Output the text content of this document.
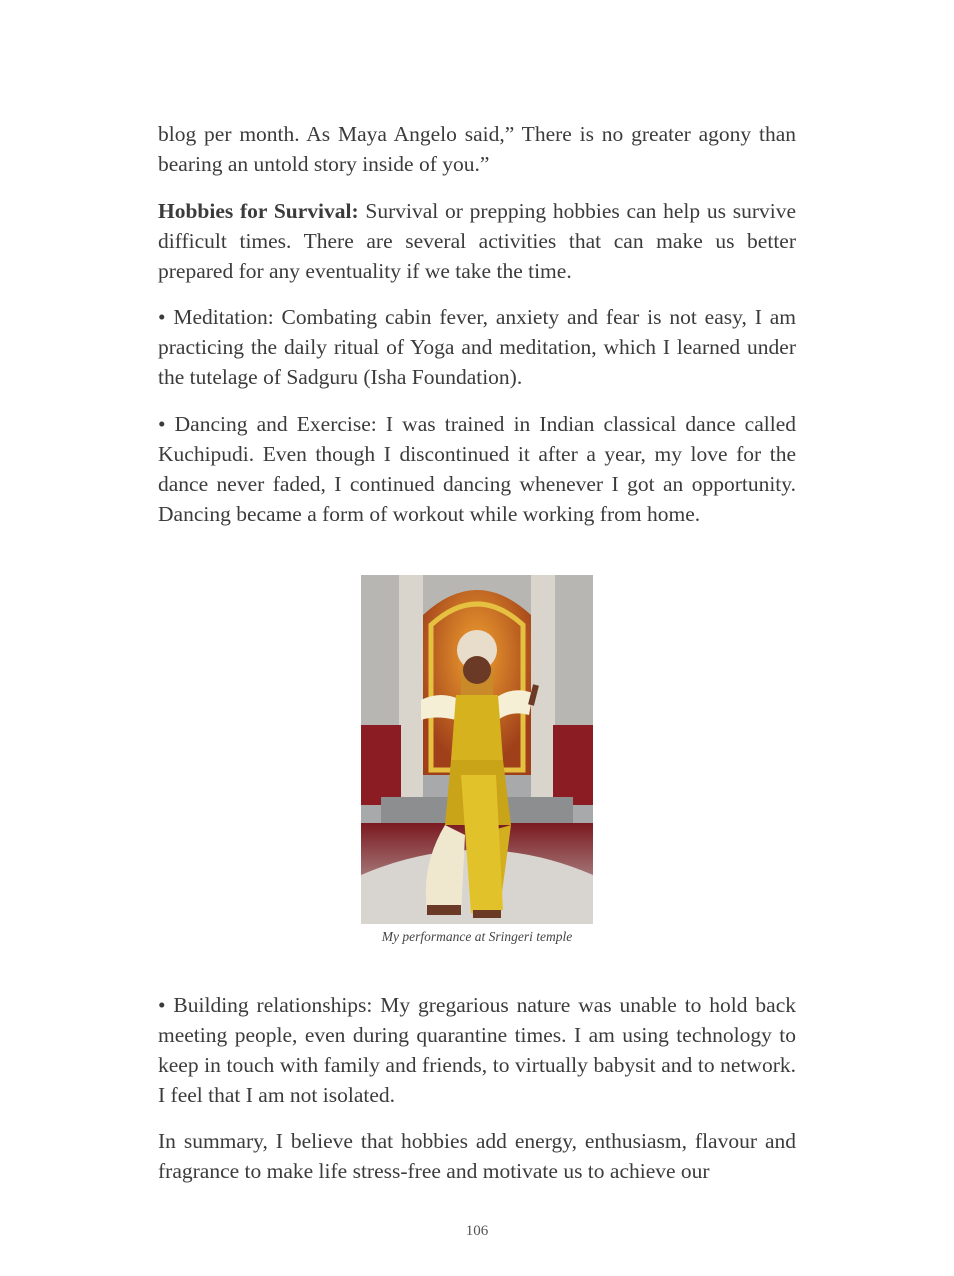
blog per month. As Maya Angelo said,” There is no greater agony than bearing an untold story inside of you.”

Hobbies for Survival: Survival or prepping hobbies can help us survive difficult times. There are several activities that can make us better prepared for any eventuality if we take the time.

• Meditation: Combating cabin fever, anxiety and fear is not easy, I am practicing the daily ritual of Yoga and meditation, which I learned under the tutelage of Sadguru (Isha Foundation).

• Dancing and Exercise: I was trained in Indian classical dance called Kuchipudi. Even though I discontinued it after a year, my love for the dance never faded, I continued dancing whenever I got an opportunity. Dancing became a form of workout while working from home.

My performance at Sringeri temple

• Building relationships: My gregarious nature was unable to hold back meeting people, even during quarantine times. I am using technology to keep in touch with family and friends, to virtually babysit and to network. I feel that I am not isolated.

In summary, I believe that hobbies add energy, enthusiasm, flavour and fragrance to make life stress-free and motivate us to achieve our

106
